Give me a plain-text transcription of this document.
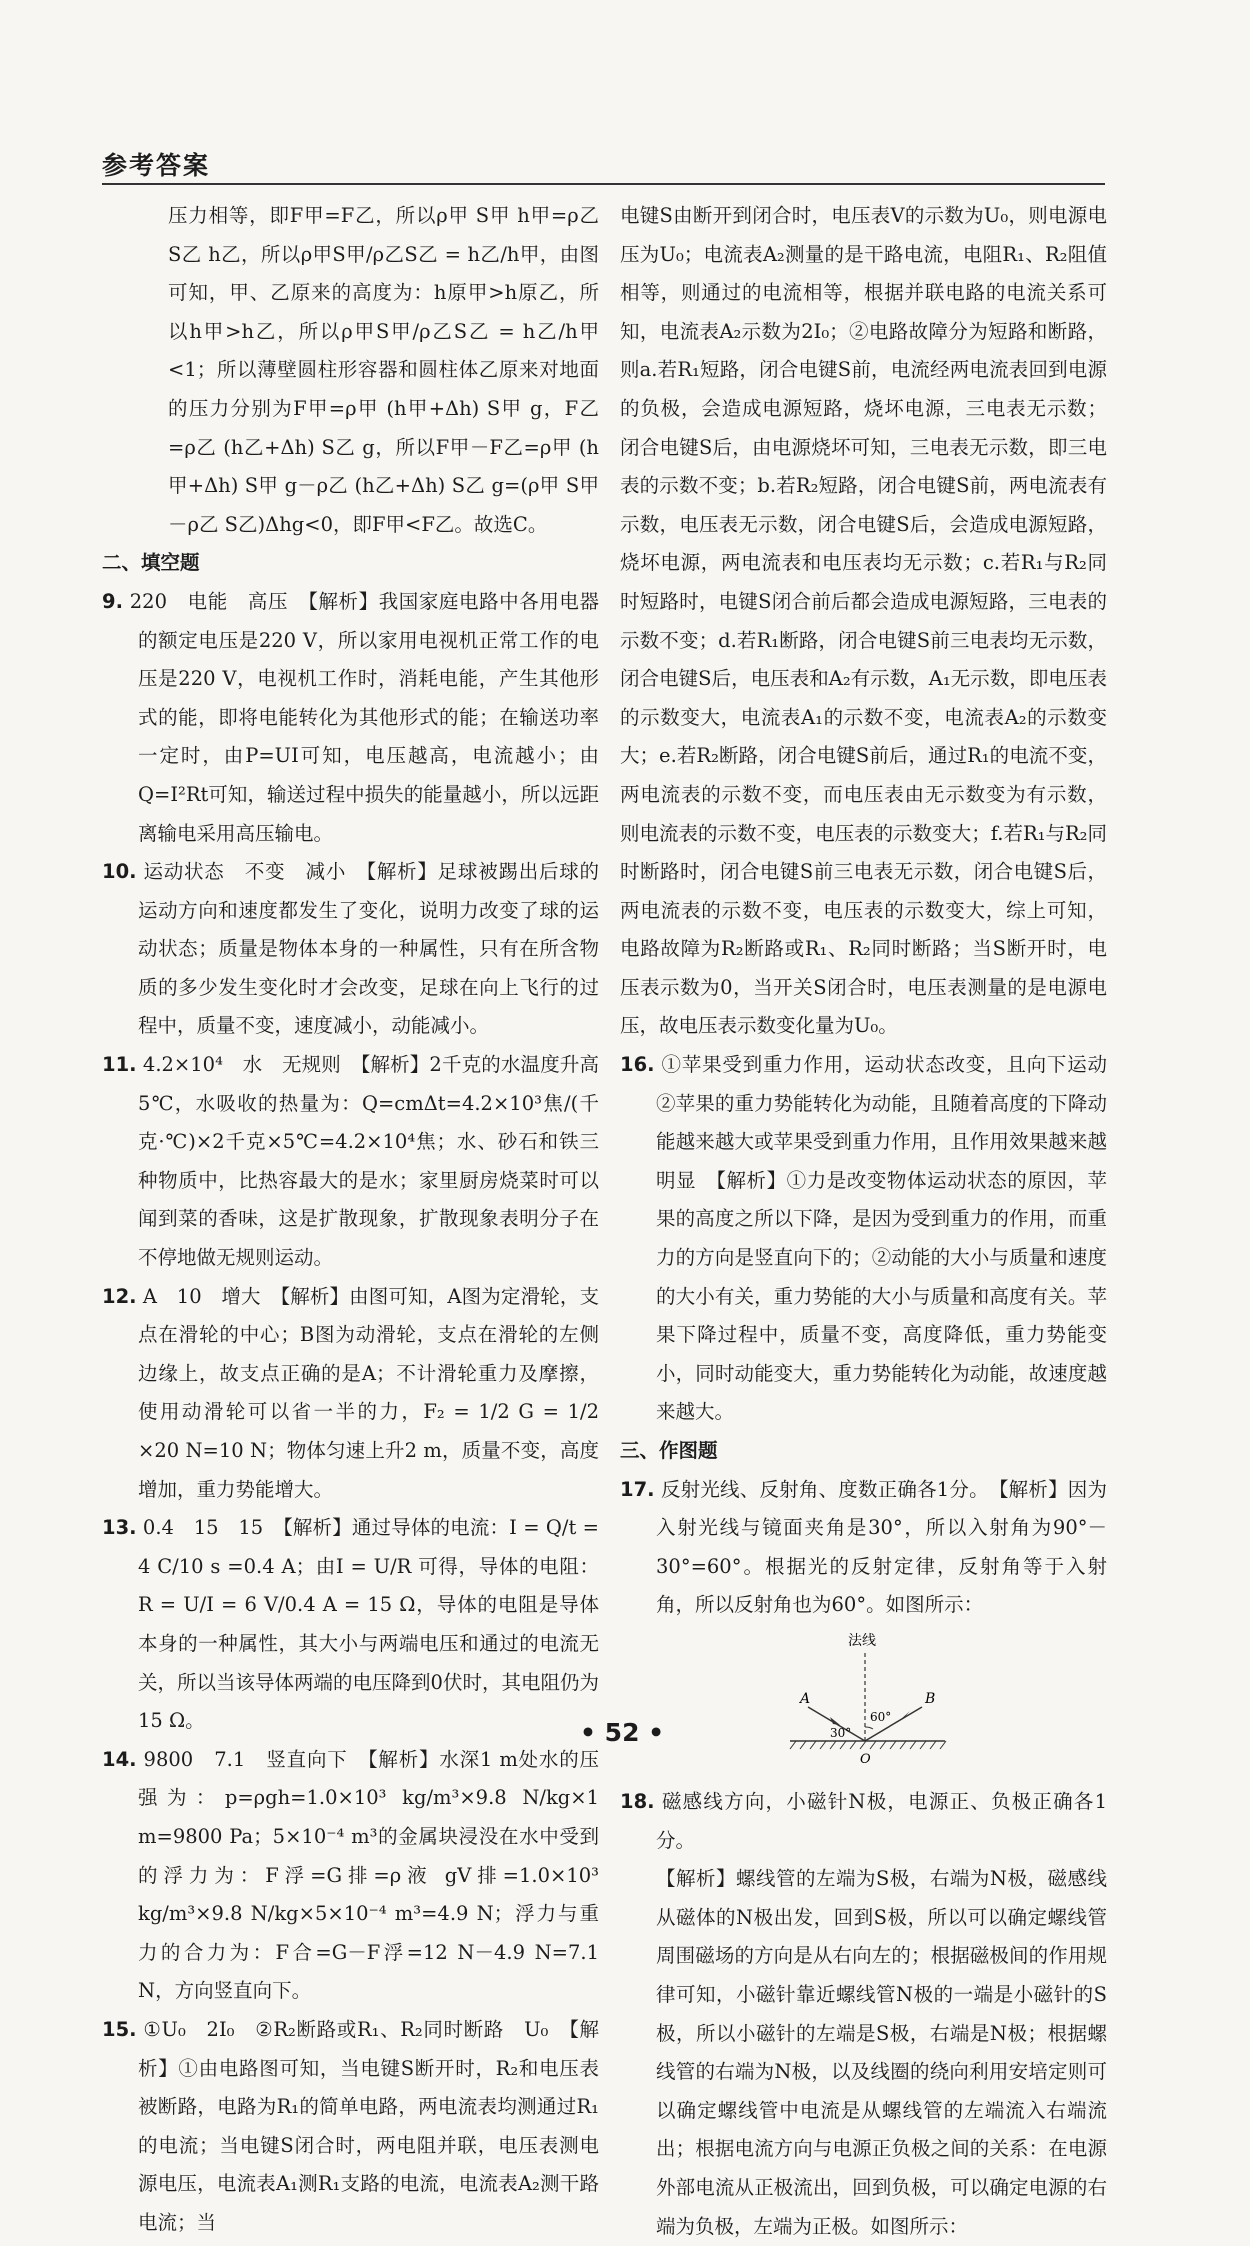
参考答案

压力相等，即F甲=F乙，所以ρ甲 S甲 h甲=ρ乙 S乙 h乙，所以ρ甲S甲/ρ乙S乙 = h乙/h甲，由图可知，甲、乙原来的高度为：h原甲>h原乙，所以h甲>h乙，所以ρ甲S甲/ρ乙S乙 = h乙/h甲 <1；所以薄壁圆柱形容器和圆柱体乙原来对地面的压力分别为F甲=ρ甲 (h甲+Δh) S甲 g，F乙=ρ乙 (h乙+Δh) S乙 g，所以F甲－F乙=ρ甲 (h甲+Δh) S甲 g－ρ乙 (h乙+Δh) S乙 g=(ρ甲 S甲－ρ乙 S乙)Δhg<0，即F甲<F乙。故选C。

二、填空题

9. 220　电能　高压　【解析】我国家庭电路中各用电器的额定电压是220 V，所以家用电视机正常工作的电压是220 V，电视机工作时，消耗电能，产生其他形式的能，即将电能转化为其他形式的能；在输送功率一定时，由P=UI可知，电压越高，电流越小；由Q=I²Rt可知，输送过程中损失的能量越小，所以远距离输电采用高压输电。

10. 运动状态　不变　减小　【解析】足球被踢出后球的运动方向和速度都发生了变化，说明力改变了球的运动状态；质量是物体本身的一种属性，只有在所含物质的多少发生变化时才会改变，足球在向上飞行的过程中，质量不变，速度减小，动能减小。

11. 4.2×10⁴　水　无规则　【解析】2千克的水温度升高5℃，水吸收的热量为：Q=cmΔt=4.2×10³焦/(千克·℃)×2千克×5℃=4.2×10⁴焦；水、砂石和铁三种物质中，比热容最大的是水；家里厨房烧菜时可以闻到菜的香味，这是扩散现象，扩散现象表明分子在不停地做无规则运动。

12. A　10　增大　【解析】由图可知，A图为定滑轮，支点在滑轮的中心；B图为动滑轮，支点在滑轮的左侧边缘上，故支点正确的是A；不计滑轮重力及摩擦，使用动滑轮可以省一半的力，F₂ = 1/2 G = 1/2 ×20 N=10 N；物体匀速上升2 m，质量不变，高度增加，重力势能增大。

13. 0.4　15　15　【解析】通过导体的电流：I = Q/t = 4 C/10 s =0.4 A；由I = U/R 可得，导体的电阻：R = U/I = 6 V/0.4 A = 15 Ω，导体的电阻是导体本身的一种属性，其大小与两端电压和通过的电流无关，所以当该导体两端的电压降到0伏时，其电阻仍为15 Ω。

14. 9800　7.1　竖直向下　【解析】水深1 m处水的压强为：p=ρgh=1.0×10³ kg/m³×9.8 N/kg×1 m=9800 Pa；5×10⁻⁴ m³的金属块浸没在水中受到的浮力为：F浮=G排=ρ液 gV排=1.0×10³ kg/m³×9.8 N/kg×5×10⁻⁴ m³=4.9 N；浮力与重力的合力为：F合=G－F浮=12 N－4.9 N=7.1 N，方向竖直向下。

15. ①U₀　2I₀　②R₂断路或R₁、R₂同时断路　U₀　【解析】①由电路图可知，当电键S断开时，R₂和电压表被断路，电路为R₁的简单电路，两电流表均测通过R₁的电流；当电键S闭合时，两电阻并联，电压表测电源电压，电流表A₁测R₁支路的电流，电流表A₂测干路电流；当

电键S由断开到闭合时，电压表V的示数为U₀，则电源电压为U₀；电流表A₂测量的是干路电流，电阻R₁、R₂阻值相等，则通过的电流相等，根据并联电路的电流关系可知，电流表A₂示数为2I₀；②电路故障分为短路和断路，则a.若R₁短路，闭合电键S前，电流经两电流表回到电源的负极，会造成电源短路，烧坏电源，三电表无示数；闭合电键S后，由电源烧坏可知，三电表无示数，即三电表的示数不变；b.若R₂短路，闭合电键S前，两电流表有示数，电压表无示数，闭合电键S后，会造成电源短路，烧坏电源，两电流表和电压表均无示数；c.若R₁与R₂同时短路时，电键S闭合前后都会造成电源短路，三电表的示数不变；d.若R₁断路，闭合电键S前三电表均无示数，闭合电键S后，电压表和A₂有示数，A₁无示数，即电压表的示数变大，电流表A₁的示数不变，电流表A₂的示数变大；e.若R₂断路，闭合电键S前后，通过R₁的电流不变，两电流表的示数不变，而电压表由无示数变为有示数，则电流表的示数不变，电压表的示数变大；f.若R₁与R₂同时断路时，闭合电键S前三电表无示数，闭合电键S后，两电流表的示数不变，电压表的示数变大，综上可知，电路故障为R₂断路或R₁、R₂同时断路；当S断开时，电压表示数为0，当开关S闭合时，电压表测量的是电源电压，故电压表示数变化量为U₀。

16. ①苹果受到重力作用，运动状态改变，且向下运动　②苹果的重力势能转化为动能，且随着高度的下降动能越来越大或苹果受到重力作用，且作用效果越来越明显　【解析】①力是改变物体运动状态的原因，苹果的高度之所以下降，是因为受到重力的作用，而重力的方向是竖直向下的；②动能的大小与质量和速度的大小有关，重力势能的大小与质量和高度有关。苹果下降过程中，质量不变，高度降低，重力势能变小，同时动能变大，重力势能转化为动能，故速度越来越大。

三、作图题

17. 反射光线、反射角、度数正确各1分。　【解析】因为入射光线与镜面夹角是30°，所以入射角为90°－30°=60°。根据光的反射定律，反射角等于入射角，所以反射角也为60°。如图所示：

法线
A	B
O
30°
60°

18. 磁感线方向，小磁针N极，电源正、负极正确各1分。

【解析】螺线管的左端为S极，右端为N极，磁感线从磁体的N极出发，回到S极，所以可以确定螺线管周围磁场的方向是从右向左的；根据磁极间的作用规律可知，小磁针靠近螺线管N极的一端是小磁针的S极，所以小磁针的左端是S极，右端是N极；根据螺线管的右端为N极，以及线圈的绕向利用安培定则可以确定螺线管中电流是从螺线管的左端流入右端流出；根据电流方向与电源正负极之间的关系：在电源外部电流从正极流出，回到负极，可以确定电源的右端为负极，左端为正极。如图所示：

• 52 •
